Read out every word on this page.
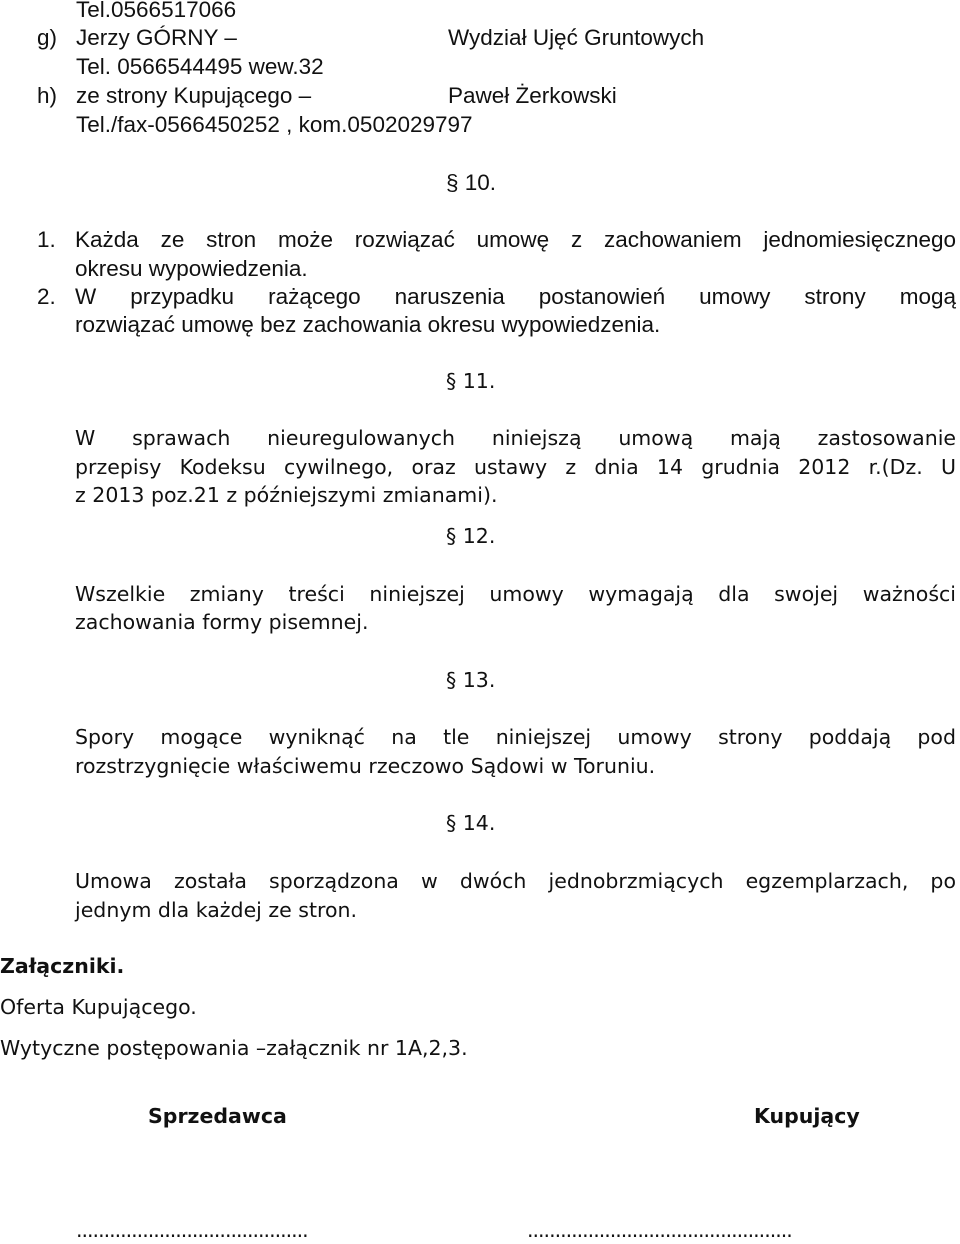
Tel.0566517066
g) Jerzy GÓRNY –	Wydział Ujęć Gruntowych
Tel. 0566544495 wew.32
h) ze strony Kupującego –	Paweł Żerkowski
Tel./fax-0566450252 , kom.0502029797
§ 10.
1. Każda ze stron może rozwiązać umowę z zachowaniem jednomiesięcznego
okresu wypowiedzenia.
2. W przypadku rażącego naruszenia postanowień umowy strony mogą
rozwiązać umowę bez zachowania okresu wypowiedzenia.
§ 11.
W sprawach nieuregulowanych niniejszą umową mają zastosowanie
przepisy Kodeksu cywilnego, oraz ustawy z dnia 14 grudnia 2012 r.(Dz. U
z 2013 poz.21 z późniejszymi zmianami).
§ 12.
Wszelkie zmiany treści niniejszej umowy wymagają dla swojej ważności
zachowania formy pisemnej.
§ 13.
Spory mogące wyniknąć na tle niniejszej umowy strony poddają pod
rozstrzygnięcie właściwemu rzeczowo Sądowi w Toruniu.
§ 14.
Umowa została sporządzona w dwóch jednobrzmiących egzemplarzach, po
jednym dla każdej ze stron.
Załączniki.
Oferta Kupującego.
Wytyczne postępowania –załącznik nr 1A,2,3.
Sprzedawca	Kupujący
..........................................	................................................
